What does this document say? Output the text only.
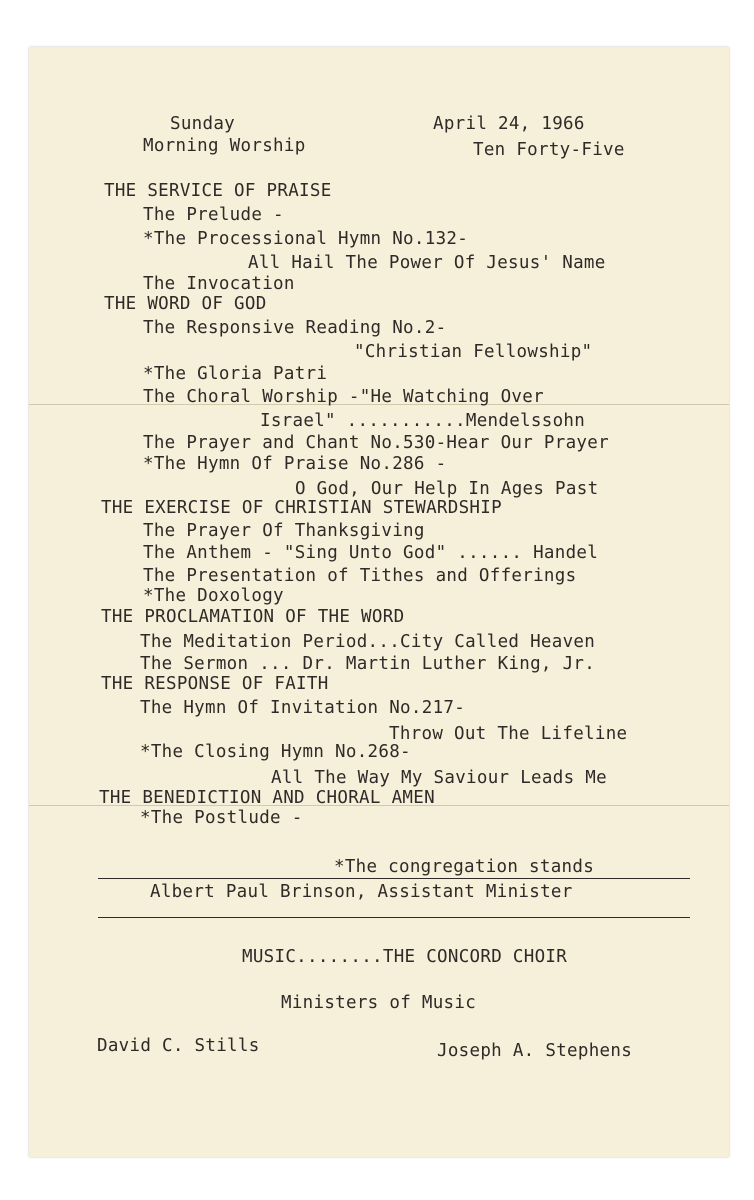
Sunday
Morning Worship
April 24, 1966
Ten Forty-Five
THE SERVICE OF PRAISE
The Prelude -
*The Processional Hymn No.132-
All Hail The Power Of Jesus' Name
The Invocation
THE WORD OF GOD
The Responsive Reading No.2-
"Christian Fellowship"
*The Gloria Patri
The Choral Worship -"He Watching Over
Israel" ...........Mendelssohn
The Prayer and Chant No.530-Hear Our Prayer
*The Hymn Of Praise No.286 -
O God, Our Help In Ages Past
THE EXERCISE OF CHRISTIAN STEWARDSHIP
The Prayer Of Thanksgiving
The Anthem - "Sing Unto God" ...... Handel
The Presentation of Tithes and Offerings
*The Doxology
THE PROCLAMATION OF THE WORD
The Meditation Period...City Called Heaven
The Sermon ... Dr. Martin Luther King, Jr.
THE RESPONSE OF FAITH
The Hymn Of Invitation No.217-
Throw Out The Lifeline
*The Closing Hymn No.268-
All The Way My Saviour Leads Me
THE BENEDICTION AND CHORAL AMEN
*The Postlude -
*The congregation stands
Albert Paul Brinson, Assistant Minister
MUSIC........THE CONCORD CHOIR
Ministers of Music
David C. Stills	Joseph A. Stephens
